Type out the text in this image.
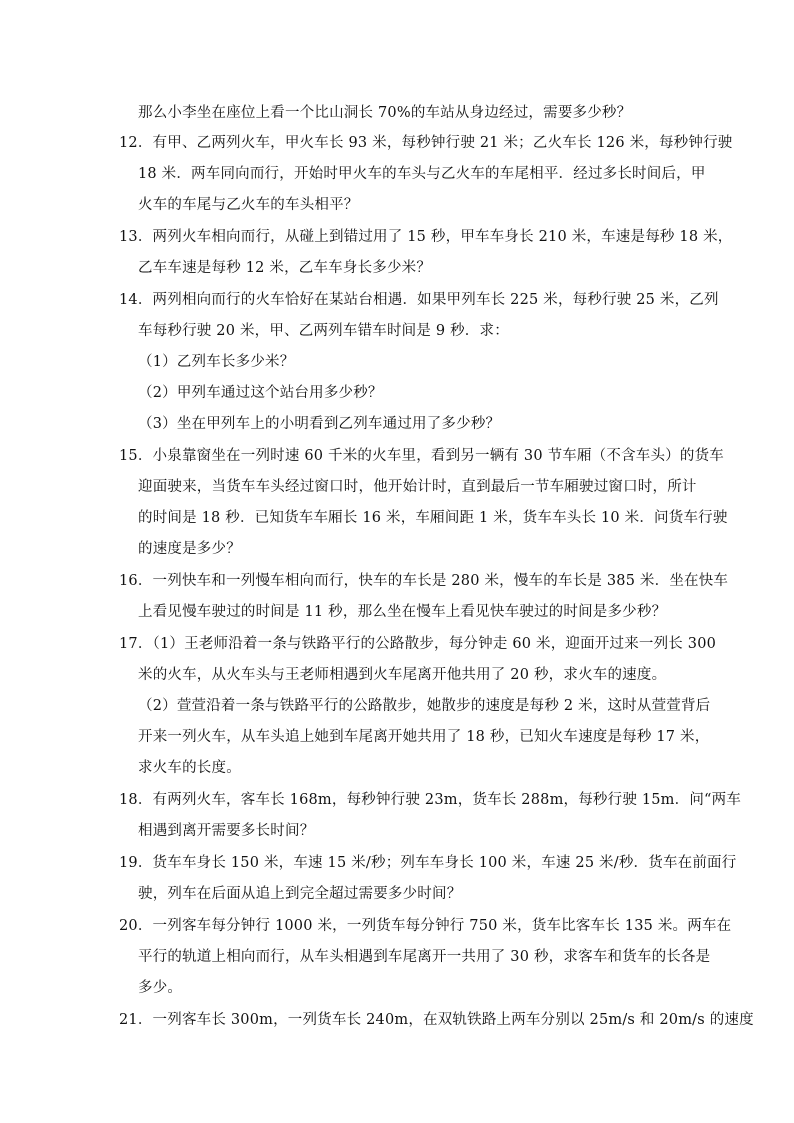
那么小李坐在座位上看一个比山洞长 70%的车站从身边经过，需要多少秒？
12．有甲、乙两列火车，甲火车长 93 米，每秒钟行驶 21 米；乙火车长 126 米，每秒钟行驶
18 米．两车同向而行，开始时甲火车的车头与乙火车的车尾相平．经过多长时间后，甲
火车的车尾与乙火车的车头相平？
13．两列火车相向而行，从碰上到错过用了 15 秒，甲车车身长 210 米，车速是每秒 18 米，
乙车车速是每秒 12 米，乙车车身长多少米？
14．两列相向而行的火车恰好在某站台相遇．如果甲列车长 225 米，每秒行驶 25 米，乙列
车每秒行驶 20 米，甲、乙两列车错车时间是 9 秒．求：
（1）乙列车长多少米？
（2）甲列车通过这个站台用多少秒？
（3）坐在甲列车上的小明看到乙列车通过用了多少秒？
15．小泉靠窗坐在一列时速 60 千米的火车里，看到另一辆有 30 节车厢（不含车头）的货车
迎面驶来，当货车车头经过窗口时，他开始计时，直到最后一节车厢驶过窗口时，所计
的时间是 18 秒．已知货车车厢长 16 米，车厢间距 1 米，货车车头长 10 米．问货车行驶
的速度是多少？
16．一列快车和一列慢车相向而行，快车的车长是 280 米，慢车的车长是 385 米．坐在快车
上看见慢车驶过的时间是 11 秒，那么坐在慢车上看见快车驶过的时间是多少秒？
17．（1）王老师沿着一条与铁路平行的公路散步，每分钟走 60 米，迎面开过来一列长 300
米的火车，从火车头与王老师相遇到火车尾离开他共用了 20 秒，求火车的速度。
（2）萱萱沿着一条与铁路平行的公路散步，她散步的速度是每秒 2 米，这时从萱萱背后
开来一列火车，从车头追上她到车尾离开她共用了 18 秒，已知火车速度是每秒 17 米，
求火车的长度。
18．有两列火车，客车长 168m，每秒钟行驶 23m，货车长 288m，每秒行驶 15m．问“两车
相遇到离开需要多长时间？
19．货车车身长 150 米，车速 15 米/秒；列车车身长 100 米，车速 25 米/秒．货车在前面行
驶，列车在后面从追上到完全超过需要多少时间？
20．一列客车每分钟行 1000 米，一列货车每分钟行 750 米，货车比客车长 135 米。两车在
平行的轨道上相向而行，从车头相遇到车尾离开一共用了 30 秒，求客车和货车的长各是
多少。
21．一列客车长 300m，一列货车长 240m，在双轨铁路上两车分别以 25m/s 和 20m/s 的速度
